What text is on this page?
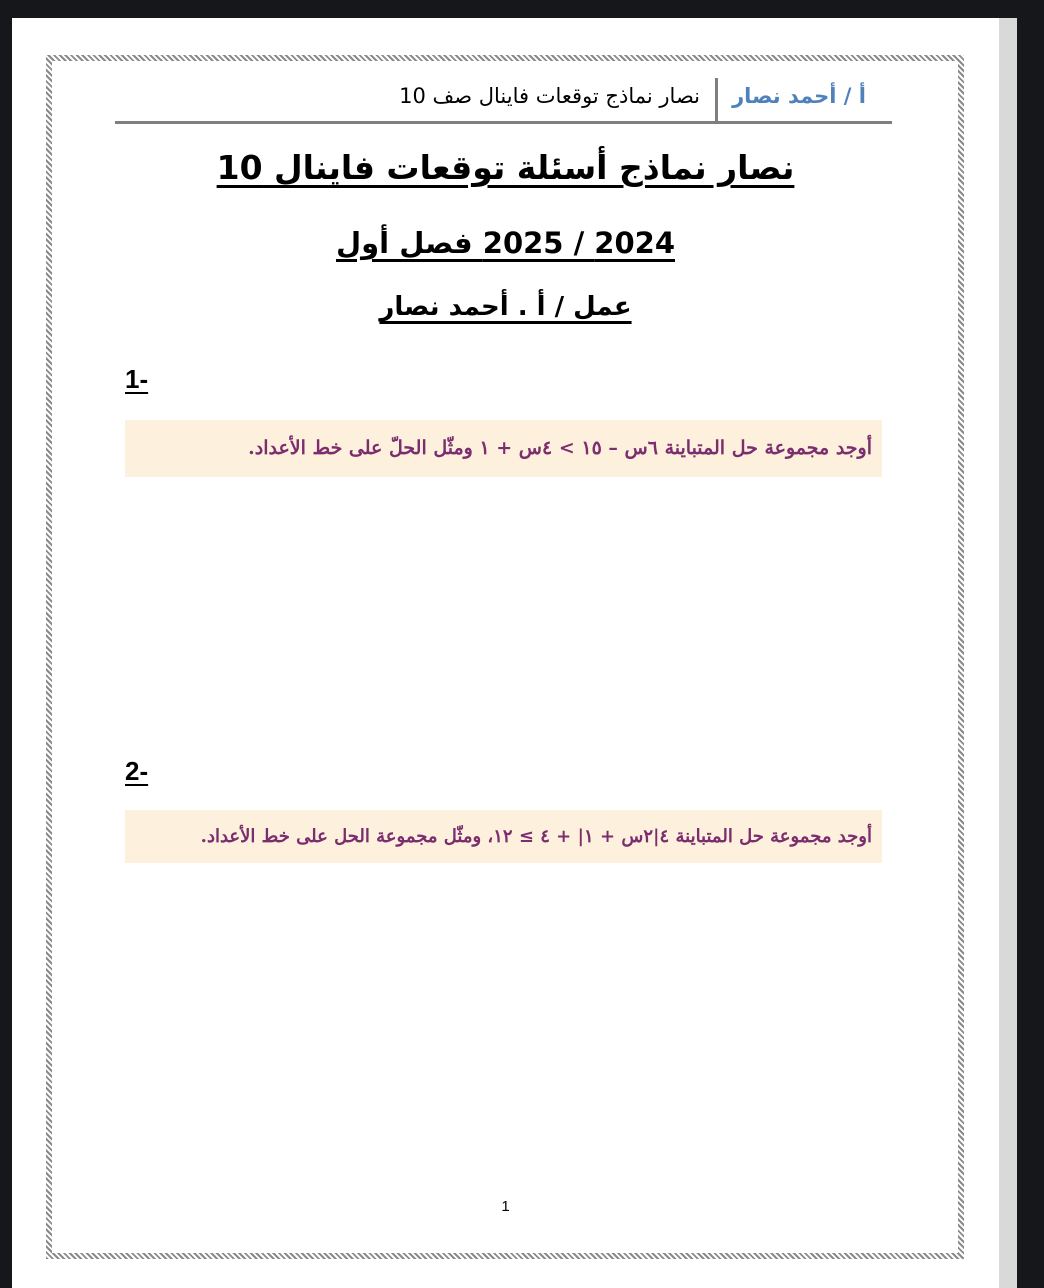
أ / أحمد نصار
نصار نماذج توقعات فاينال صف 10
نصار نماذج أسئلة توقعات فاينال 10
2024 / 2025 فصل أول
عمل / أ . أحمد نصار
1-
أوجد مجموعة حل المتباينة ٦س – ١٥ > ٤س + ١ ومثّل الحلّ على خط الأعداد.
2-
أوجد مجموعة حل المتباينة ٤|٢س + ١| + ٤ ≥ ١٢، ومثّل مجموعة الحل على خط الأعداد.
1
